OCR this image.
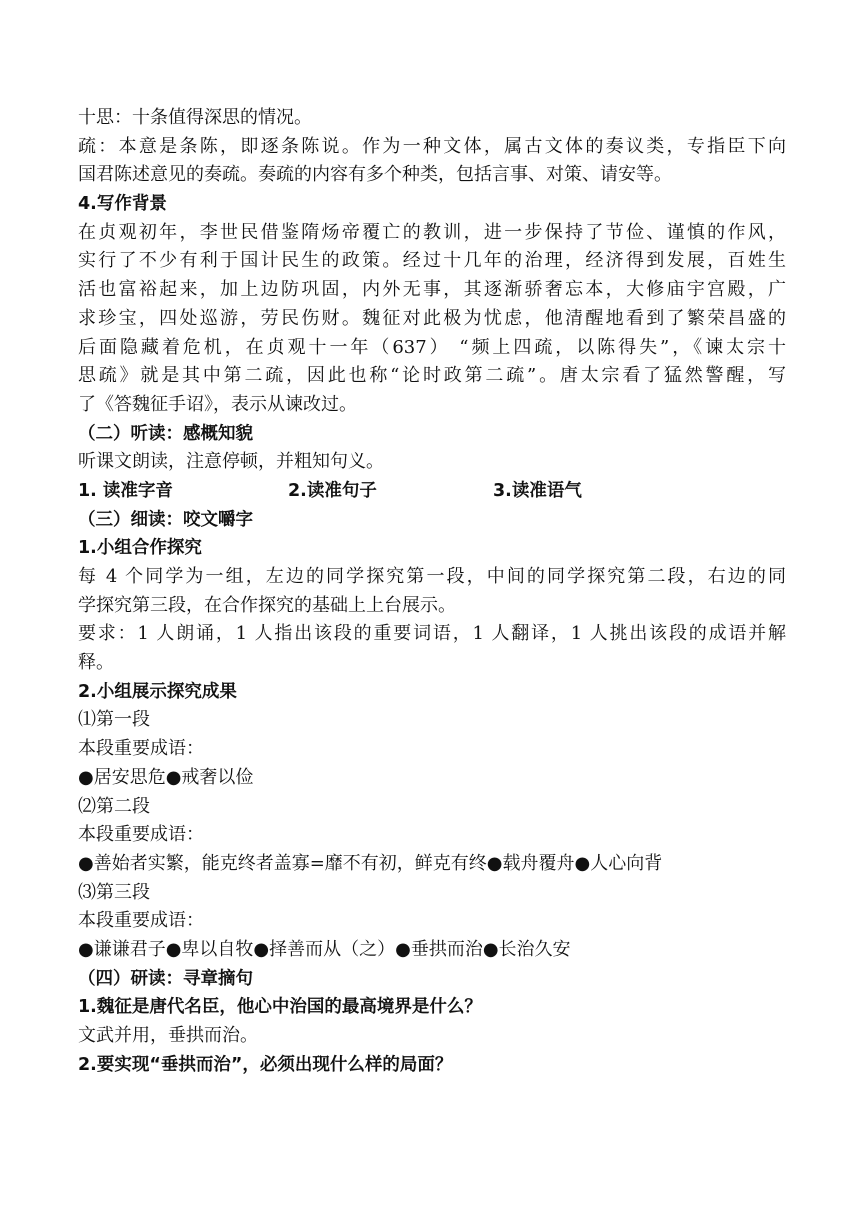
十思：十条值得深思的情况。
疏：本意是条陈，即逐条陈说。作为一种文体，属古文体的奏议类，专指臣下向
国君陈述意见的奏疏。奏疏的内容有多个种类，包括言事、对策、请安等。
4.写作背景
在贞观初年，李世民借鉴隋炀帝覆亡的教训，进一步保持了节俭、谨慎的作风，
实行了不少有利于国计民生的政策。经过十几年的治理，经济得到发展，百姓生
活也富裕起来，加上边防巩固，内外无事，其逐渐骄奢忘本，大修庙宇宫殿，广
求珍宝，四处巡游，劳民伤财。魏征对此极为忧虑，他清醒地看到了繁荣昌盛的
后面隐藏着危机，在贞观十一年（637） “频上四疏，以陈得失”，《谏太宗十
思疏》就是其中第二疏，因此也称“论时政第二疏”。唐太宗看了猛然警醒，写
了《答魏征手诏》，表示从谏改过。
（二）听读：感概知貌
听课文朗读，注意停顿，并粗知句义。
1. 读准字音	2.读准句子	3.读准语气
（三）细读：咬文嚼字
1.小组合作探究
每 4 个同学为一组，左边的同学探究第一段，中间的同学探究第二段，右边的同
学探究第三段，在合作探究的基础上上台展示。
要求：1 人朗诵，1 人指出该段的重要词语，1 人翻译，1 人挑出该段的成语并解
释。
2.小组展示探究成果
⑴第一段
本段重要成语：
●居安思危●戒奢以俭
⑵第二段
本段重要成语：
●善始者实繁，能克终者盖寡=靡不有初，鲜克有终●载舟覆舟●人心向背
⑶第三段
本段重要成语：
●谦谦君子●卑以自牧●择善而从（之）●垂拱而治●长治久安
（四）研读：寻章摘句
1.魏征是唐代名臣，他心中治国的最高境界是什么？
文武并用，垂拱而治。
2.要实现“垂拱而治”，必须出现什么样的局面？
